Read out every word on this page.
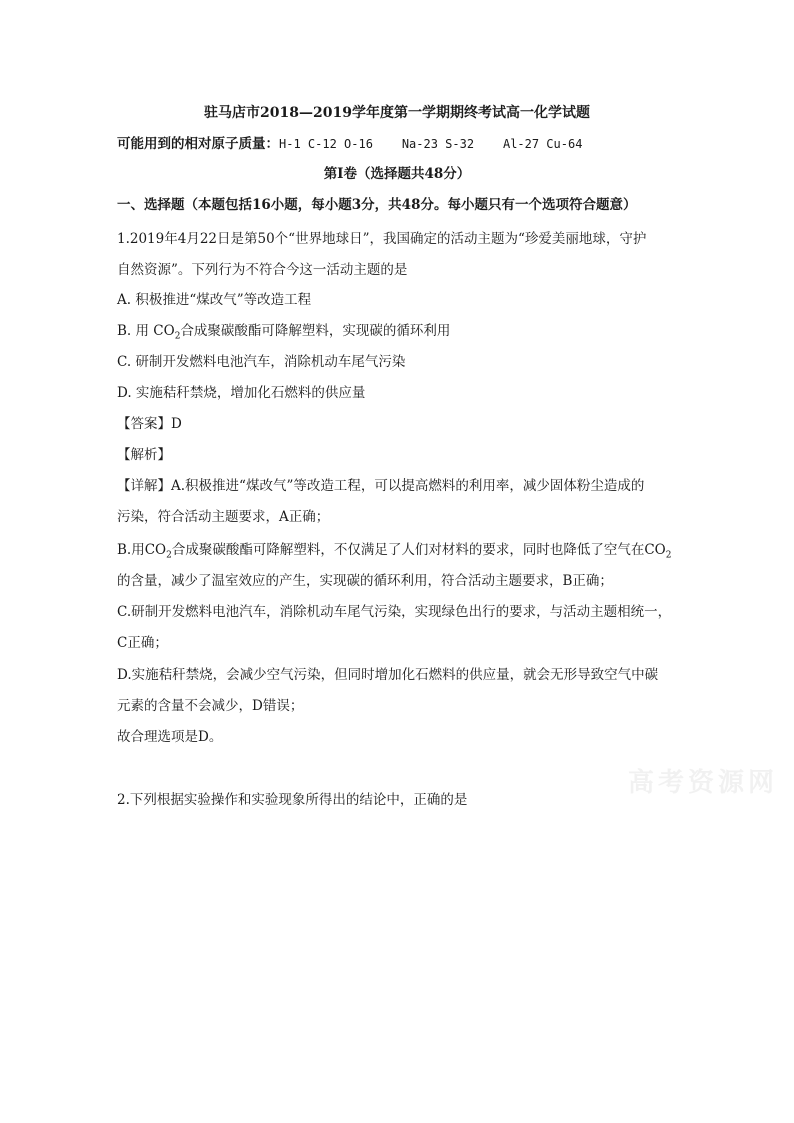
驻马店市2018—2019学年度第一学期期终考试高一化学试题
可能用到的相对原子质量：H-1 C-12 O-16    Na-23 S-32    Al-27 Cu-64
第Ⅰ卷（选择题共48分）
一、选择题（本题包括16小题，每小题3分，共48分。每小题只有一个选项符合题意）
1.2019年4月22日是第50个“世界地球日”，我国确定的活动主题为“珍爱美丽地球，守护
自然资源”。下列行为不符合今这一活动主题的是
A. 积极推进“煤改气”等改造工程
B. 用 $CO_2$合成聚碳酸酯可降解塑料，实现碳的循环利用
C. 研制开发燃料电池汽车，消除机动车尾气污染
D. 实施秸秆禁烧，增加化石燃料的供应量
【答案】D
【解析】
【详解】A.积极推进“煤改气”等改造工程，可以提高燃料的利用率，减少固体粉尘造成的
污染，符合活动主题要求，A正确；
B.用$CO_2$合成聚碳酸酯可降解塑料，不仅满足了人们对材料的要求，同时也降低了空气在$CO_2$
的含量，减少了温室效应的产生，实现碳的循环利用，符合活动主题要求，B正确；
C.研制开发燃料电池汽车，消除机动车尾气污染，实现绿色出行的要求，与活动主题相统一，
C正确；
D.实施秸秆禁烧，会减少空气污染，但同时增加化石燃料的供应量，就会无形导致空气中碳
元素的含量不会减少，D错误；
故合理选项是D。
高考资源网
2.下列根据实验操作和实验现象所得出的结论中，正确的是
